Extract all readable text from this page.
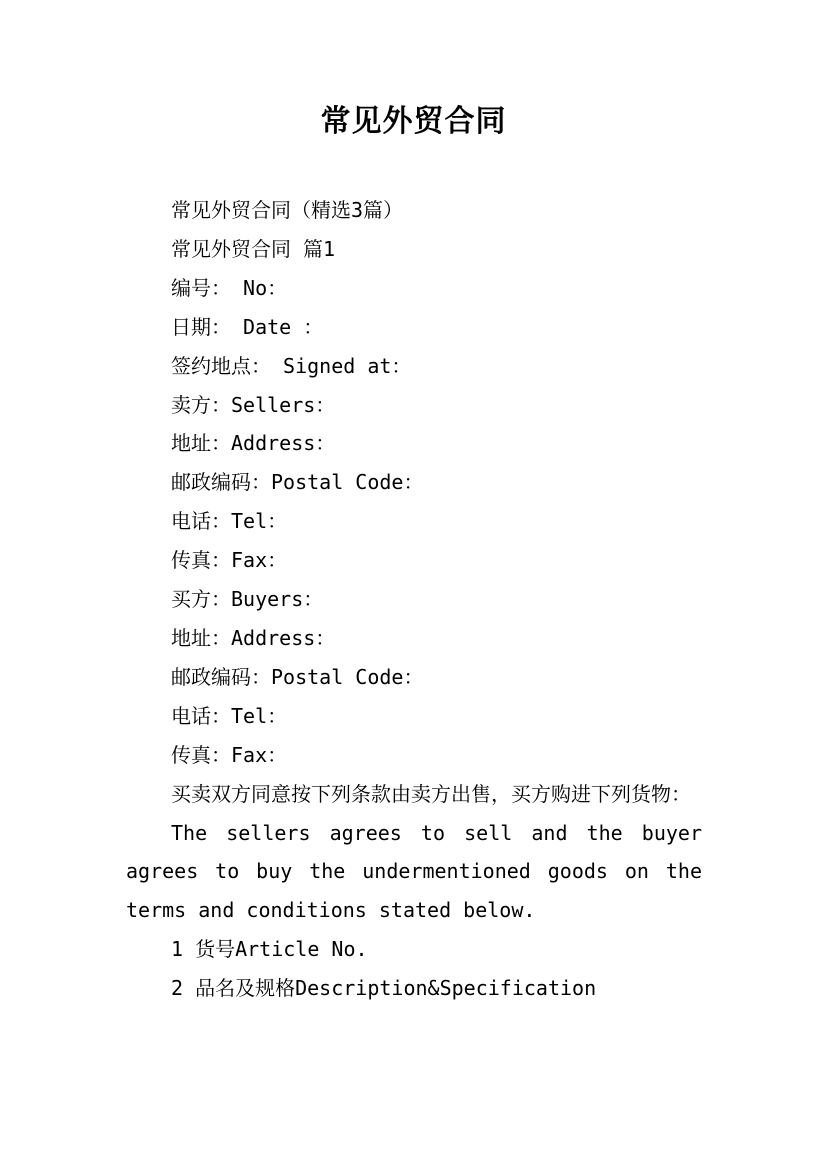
常见外贸合同
常见外贸合同（精选3篇）
常见外贸合同 篇1
编号： No：
日期： Date ：
签约地点： Signed at：
卖方：Sellers：
地址：Address：
邮政编码：Postal Code：
电话：Tel：
传真：Fax：
买方：Buyers：
地址：Address：
邮政编码：Postal Code：
电话：Tel：
传真：Fax：
买卖双方同意按下列条款由卖方出售，买方购进下列货物：
The sellers agrees to sell and the buyer agrees to buy the undermentioned goods on the terms and conditions stated below.
1 货号Article No.
2 品名及规格Description&Specification
